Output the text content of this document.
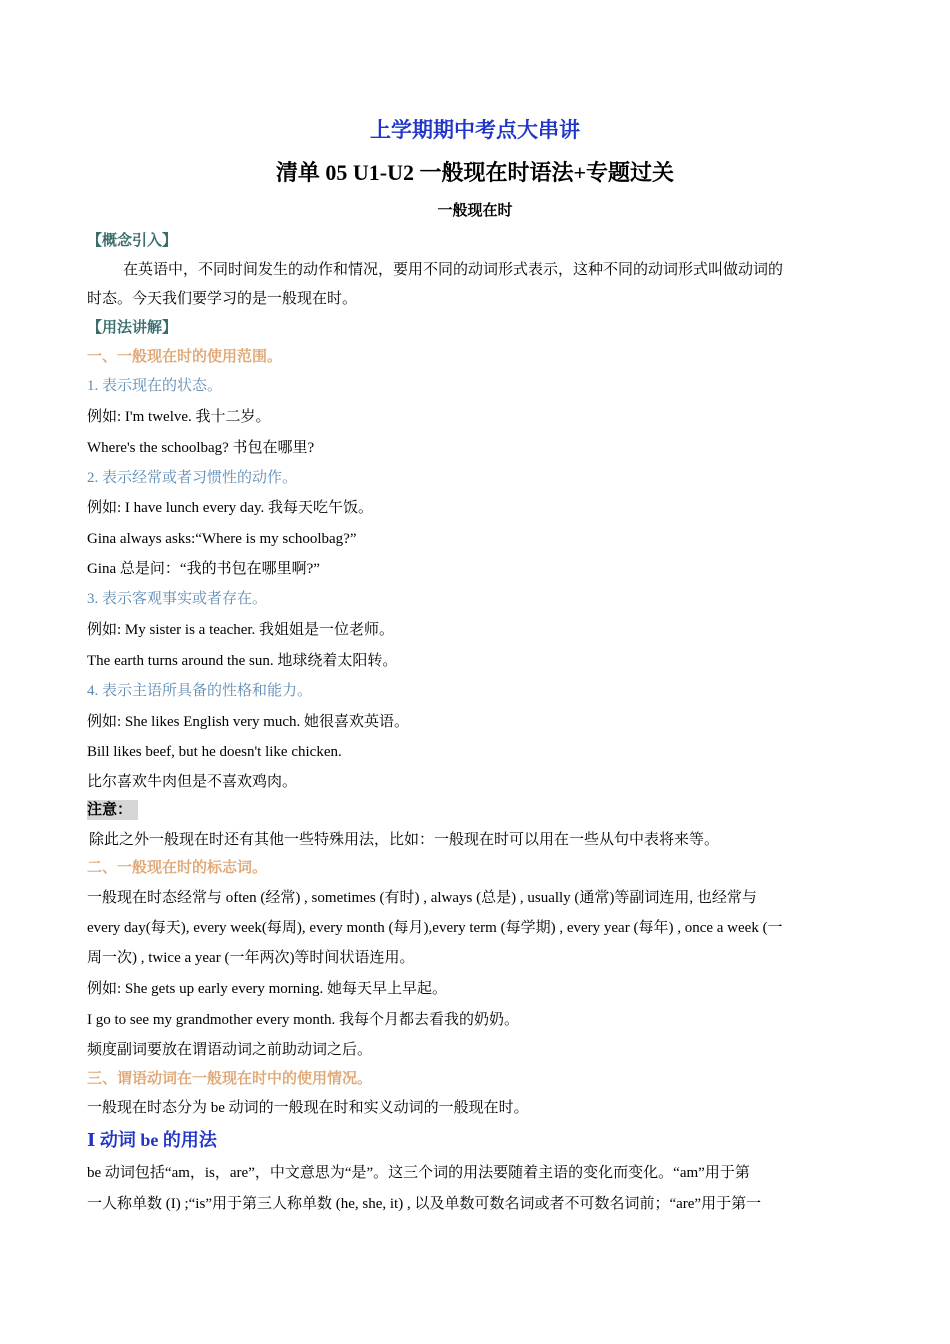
上学期期中考点大串讲
清单 05 U1-U2 一般现在时语法+专题过关
一般现在时
【概念引入】
在英语中，不同时间发生的动作和情况，要用不同的动词形式表示，这种不同的动词形式叫做动词的
时态。今天我们要学习的是一般现在时。
【用法讲解】
一、一般现在时的使用范围。
1. 表示现在的状态。
例如: I'm twelve. 我十二岁。
Where's the schoolbag? 书包在哪里?
2. 表示经常或者习惯性的动作。
例如: I have lunch every day. 我每天吃午饭。
Gina always asks:“Where is my schoolbag?”
Gina 总是问：“我的书包在哪里啊?”
3. 表示客观事实或者存在。
例如: My sister is a teacher. 我姐姐是一位老师。
The earth turns around the sun. 地球绕着太阳转。
4. 表示主语所具备的性格和能力。
例如: She likes English very much. 她很喜欢英语。
Bill likes beef, but he doesn't like chicken.
比尔喜欢牛肉但是不喜欢鸡肉。
注意：
除此之外一般现在时还有其他一些特殊用法，比如：一般现在时可以用在一些从句中表将来等。
二、一般现在时的标志词。
一般现在时态经常与 often (经常) , sometimes (有时) , always (总是) , usually (通常)等副词连用, 也经常与
every day(每天), every week(每周), every month (每月),every term (每学期) , every year (每年) , once a week (一
周一次) , twice a year (一年两次)等时间状语连用。
例如: She gets up early every morning. 她每天早上早起。
I go to see my grandmother every month. 我每个月都去看我的奶奶。
频度副词要放在谓语动词之前助动词之后。
三、谓语动词在一般现在时中的使用情况。
一般现在时态分为 be 动词的一般现在时和实义动词的一般现在时。
Ⅰ 动词 be 的用法
be 动词包括“am，is，are”，中文意思为“是”。这三个词的用法要随着主语的变化而变化。“am”用于第
一人称单数 (I) ;“is”用于第三人称单数 (he, she, it) , 以及单数可数名词或者不可数名词前；“are”用于第一
